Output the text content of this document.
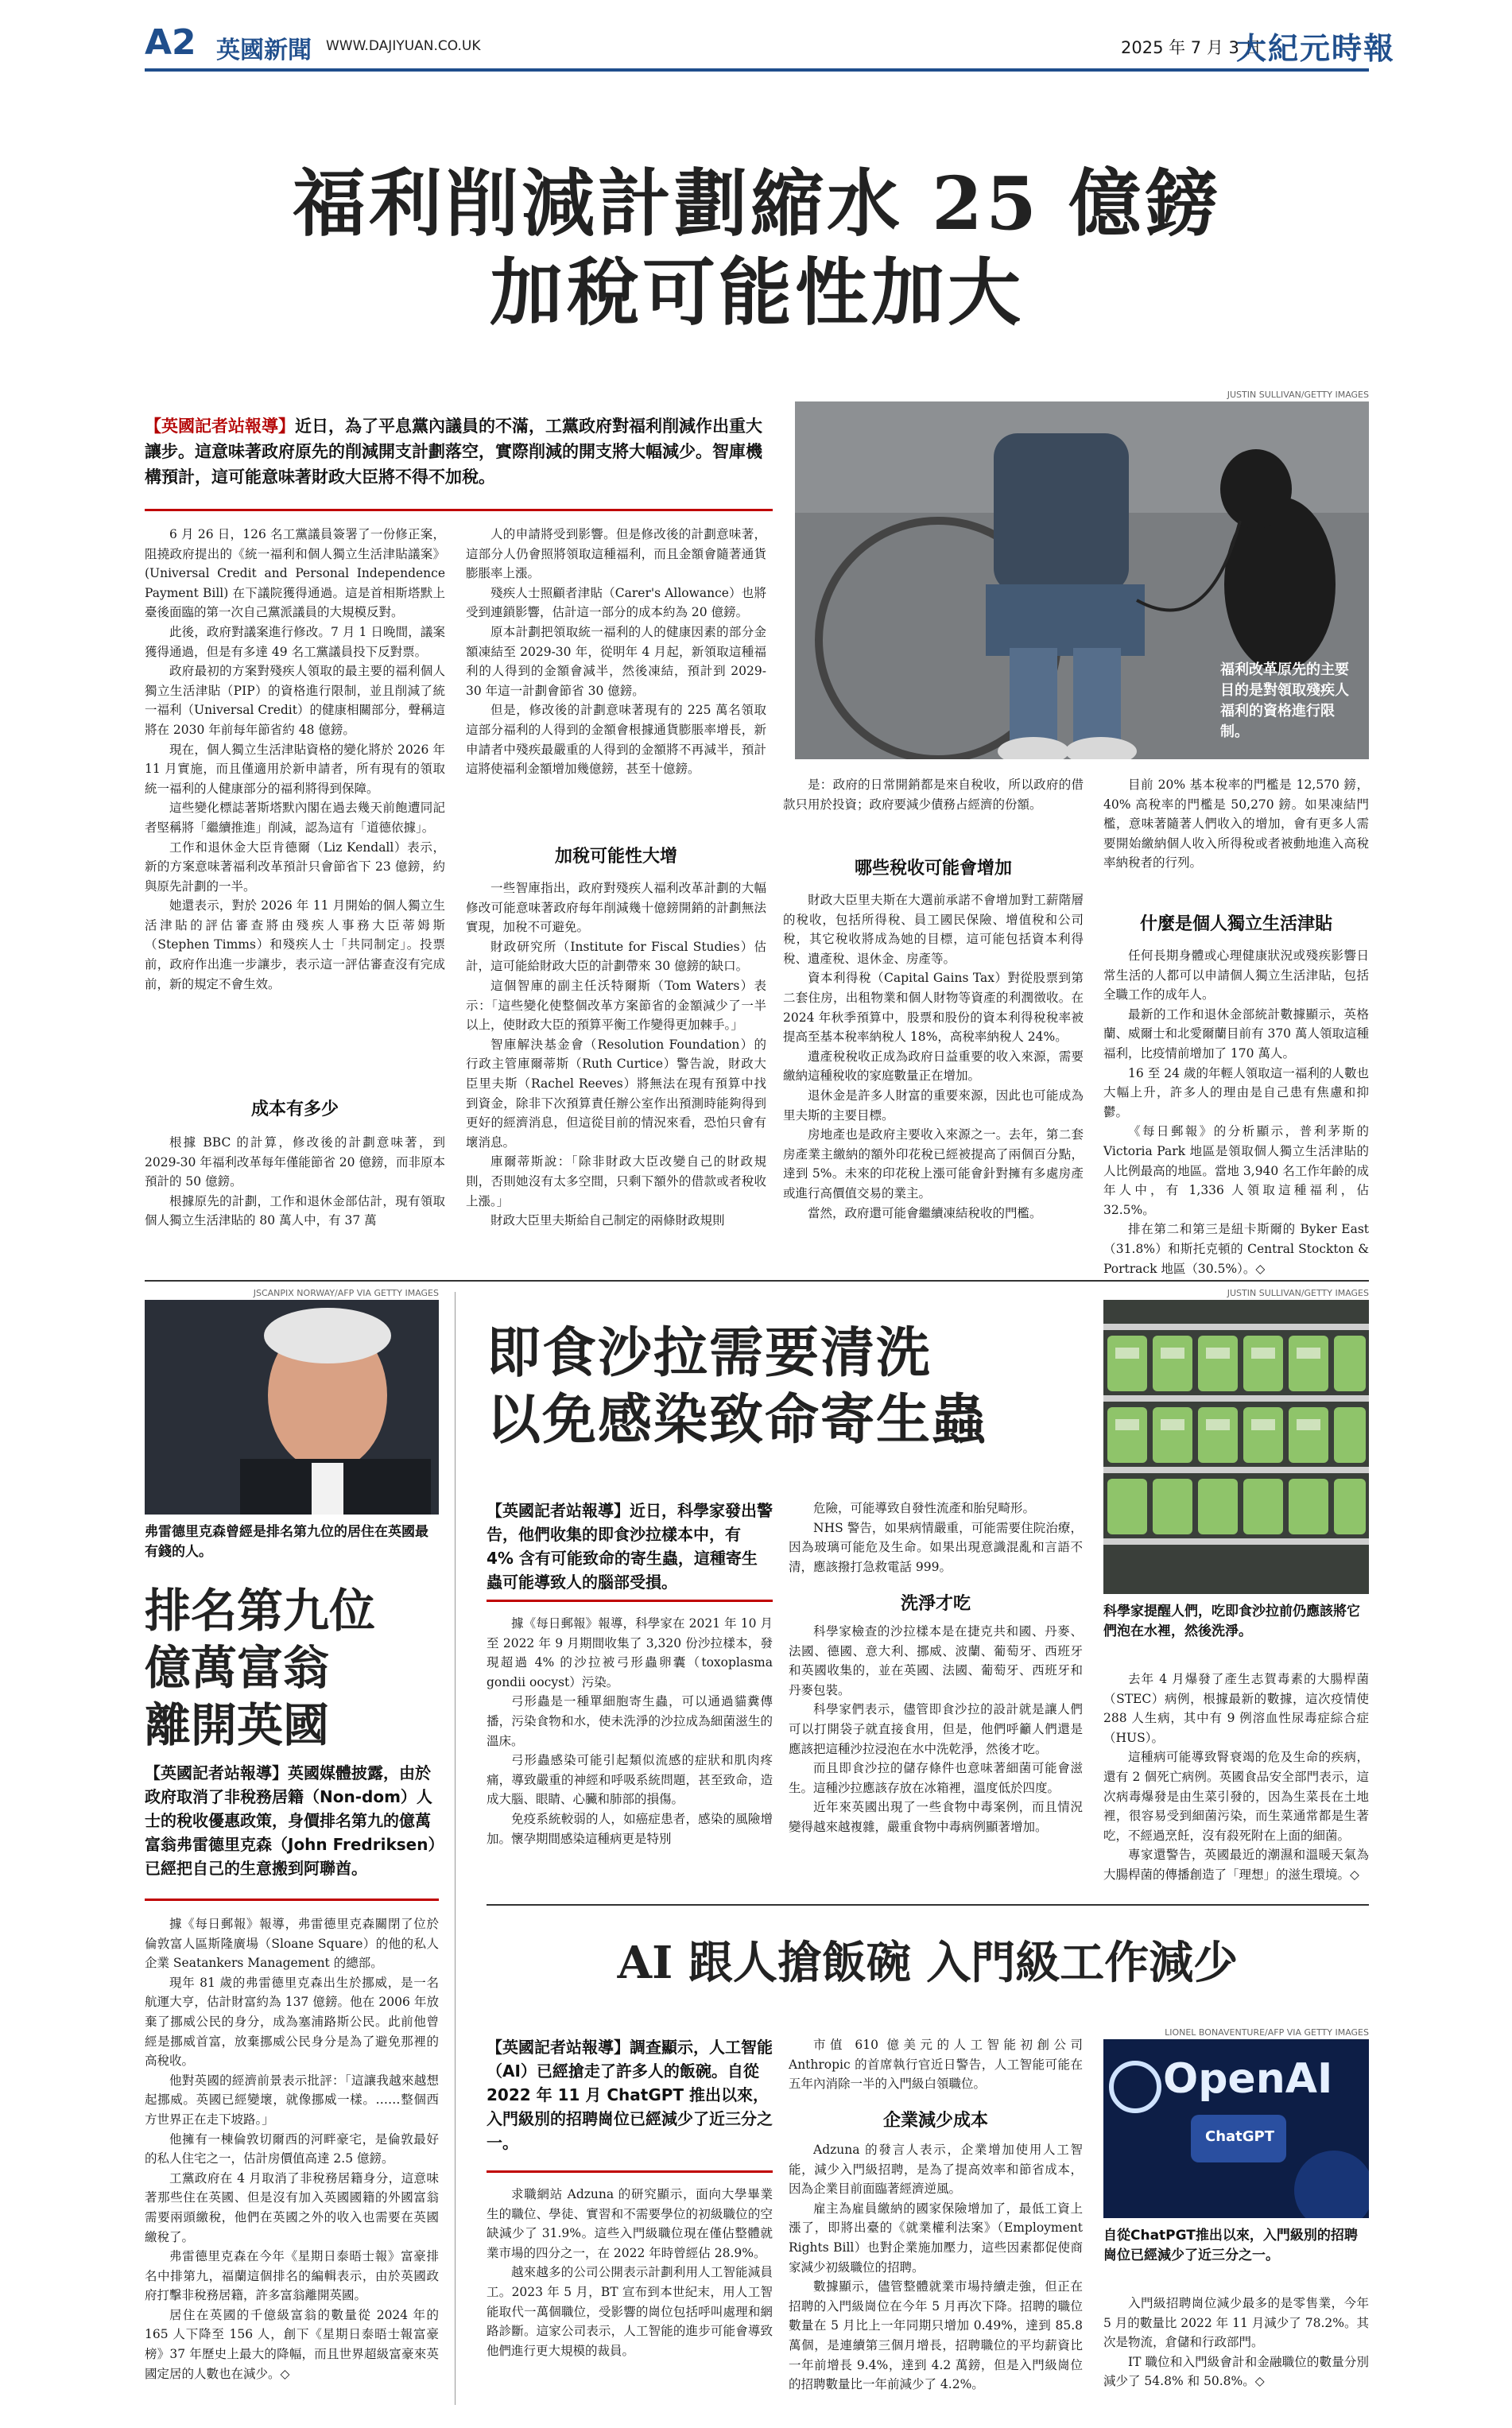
A2 英國新聞 WWW.DAJIYUAN.CO.UK	2025 年 7 月 3 日
大紀元時報
福利削減計劃縮水 25 億鎊
加稅可能性加大
JUSTIN SULLIVAN/GETTY IMAGES
【英國記者站報導】近日，為了平息黨內議員的不滿，工黨政府對福利削減作出重大讓步。這意味著政府原先的削減開支計劃落空，實際削減的開支將大幅減少。智庫機構預計，這可能意味著財政大臣將不得不加稅。
福利改革原先的主要目的是對領取殘疾人福利的資格進行限制。

6 月 26 日，126 名工黨議員簽署了一份修正案，阻撓政府提出的《統一福利和個人獨立生活津貼議案》(Universal Credit and Personal Independence Payment Bill) 在下議院獲得通過。這是首相斯塔默上臺後面臨的第一次自己黨派議員的大規模反對。

此後，政府對議案進行修改。7 月 1 日晚間，議案獲得通過，但是有多達 49 名工黨議員投下反對票。

政府最初的方案對殘疾人領取的最主要的福利個人獨立生活津貼（PIP）的資格進行限制，並且削減了統一福利（Universal Credit）的健康相關部分，聲稱這將在 2030 年前每年節省約 48 億鎊。

現在，個人獨立生活津貼資格的變化將於 2026 年 11 月實施，而且僅適用於新申請者，所有現有的領取統一福利的人健康部分的福利將得到保障。

這些變化標誌著斯塔默內閣在過去幾天前飽遭同記者堅稱將「繼續推進」削減，認為這有「道德依據」。

工作和退休金大臣肯德爾（Liz Kendall）表示，新的方案意味著福利改革預計只會節省下 23 億鎊，約與原先計劃的一半。

她還表示，對於 2026 年 11 月開始的個人獨立生活津貼的評估審查將由殘疾人事務大臣蒂姆斯（Stephen Timms）和殘疾人士「共同制定」。投票前，政府作出進一步讓步，表示這一評估審查沒有完成前，新的規定不會生效。

成本有多少

根據 BBC 的計算，修改後的計劃意味著，到 2029-30 年福利改革每年僅能節省 20 億鎊，而非原本預計的 50 億鎊。

根據原先的計劃，工作和退休金部估計，現有領取個人獨立生活津貼的 80 萬人中，有 37 萬

人的申請將受到影響。但是修改後的計劃意味著，這部分人仍會照將領取這種福利，而且金額會隨著通貨膨脹率上漲。

殘疾人士照顧者津貼（Carer's Allowance）也將受到連鎖影響，估計這一部分的成本約為 20 億鎊。

原本計劃把領取統一福利的人的健康因素的部分金額凍結至 2029-30 年，從明年 4 月起，新領取這種福利的人得到的金額會減半，然後凍結，預計到 2029-30 年這一計劃會節省 30 億鎊。

但是，修改後的計劃意味著現有的 225 萬名領取這部分福利的人得到的金額會根據通貨膨脹率增長，新申請者中殘疾最嚴重的人得到的金額將不再減半，預計這將使福利金額增加幾億鎊，甚至十億鎊。

加稅可能性大增

一些智庫指出，政府對殘疾人福利改革計劃的大幅修改可能意味著政府每年削減幾十億鎊開銷的計劃無法實現，加稅不可避免。

財政研究所（Institute for Fiscal Studies）估計，這可能給財政大臣的計劃帶來 30 億鎊的缺口。

這個智庫的副主任沃特爾斯（Tom Waters）表示：「這些變化使整個改革方案節省的金額減少了一半以上，使財政大臣的預算平衡工作變得更加棘手。」

智庫解決基金會（Resolution Foundation）的行政主管庫爾蒂斯（Ruth Curtice）警告說，財政大臣里夫斯（Rachel Reeves）將無法在現有預算中找到資金，除非下次預算責任辦公室作出預測時能夠得到更好的經濟消息，但這從目前的情況來看，恐怕只會有壞消息。

庫爾蒂斯說：「除非財政大臣改變自己的財政規則，否則她沒有太多空間，只剩下額外的借款或者稅收上漲。」

財政大臣里夫斯給自己制定的兩條財政規則

是：政府的日常開銷都是來自稅收，所以政府的借款只用於投資；政府要減少債務占經濟的份額。

哪些稅收可能會增加

財政大臣里夫斯在大選前承諾不會增加對工薪階層的稅收，包括所得稅、員工國民保險、增值稅和公司稅，其它稅收將成為她的目標，這可能包括資本利得稅、遺產稅、退休金、房產等。

資本利得稅（Capital Gains Tax）對從股票到第二套住房，出租物業和個人財物等資產的利潤徵收。在 2024 年秋季預算中，股票和股份的資本利得稅稅率被提高至基本稅率納稅人 18%，高稅率納稅人 24%。

遺產稅稅收正成為政府日益重要的收入來源，需要繳納這種稅收的家庭數量正在增加。

退休金是許多人財富的重要來源，因此也可能成為里夫斯的主要目標。

房地產也是政府主要收入來源之一。去年，第二套房產業主繳納的額外印花稅已經被提高了兩個百分點，達到 5%。未來的印花稅上漲可能會針對擁有多處房產或進行高價值交易的業主。

當然，政府還可能會繼續凍結稅收的門檻。

目前 20% 基本稅率的門檻是 12,570 鎊，40% 高稅率的門檻是 50,270 鎊。如果凍結門檻，意味著隨著人們收入的增加，會有更多人需要開始繳納個人收入所得稅或者被動地進入高稅率納稅者的行列。

什麼是個人獨立生活津貼

任何長期身體或心理健康狀況或殘疾影響日常生活的人都可以申請個人獨立生活津貼，包括全職工作的成年人。

最新的工作和退休金部統計數據顯示，英格蘭、威爾士和北愛爾蘭目前有 370 萬人領取這種福利，比疫情前增加了 170 萬人。

16 至 24 歲的年輕人領取這一福利的人數也大幅上升，許多人的理由是自己患有焦慮和抑鬱。

《每日郵報》的分析顯示，普利茅斯的 Victoria Park 地區是領取個人獨立生活津貼的人比例最高的地區。當地 3,940 名工作年齡的成年人中，有 1,336 人領取這種福利，佔 32.5%。

排在第二和第三是紐卡斯爾的 Byker East（31.8%）和斯托克頓的 Central Stockton & Portrack 地區（30.5%）。◇

JSCANPIX NORWAY/AFP VIA GETTY IMAGES
弗雷德里克森曾經是排名第九位的居住在英國最有錢的人。
排名第九位
億萬富翁
離開英國
【英國記者站報導】英國媒體披露，由於政府取消了非稅務居籍（Non-dom）人士的稅收優惠政策，身價排名第九的億萬富翁弗雷德里克森（John Fredriksen）已經把自己的生意搬到阿聯酋。

據《每日郵報》報導，弗雷德里克森關閉了位於倫敦富人區斯隆廣場（Sloane Square）的他的私人企業 Seatankers Management 的總部。

現年 81 歲的弗雷德里克森出生於挪威，是一名航運大亨，估計財富約為 137 億鎊。他在 2006 年放棄了挪威公民的身分，成為塞浦路斯公民。此前他曾經是挪威首富，放棄挪威公民身分是為了避免那裡的高稅收。

他對英國的經濟前景表示批評：「這讓我越來越想起挪威。英國已經變壞，就像挪威一樣。……整個西方世界正在走下坡路。」

他擁有一棟倫敦切爾西的河畔豪宅，是倫敦最好的私人住宅之一，估計房價值高達 2.5 億鎊。

工黨政府在 4 月取消了非稅務居籍身分，這意味著那些住在英國、但是沒有加入英國國籍的外國富翁需要兩頭繳稅，他們在英國之外的收入也需要在英國繳稅了。

弗雷德里克森在今年《星期日泰晤士報》富豪排名中排第九，福蘭這個排名的編輯表示，由於英國政府打擊非稅務居籍，許多富翁離開英國。

居住在英國的千億級富翁的數量從 2024 年的 165 人下降至 156 人，創下《星期日泰晤士報富豪榜》37 年歷史上最大的降幅，而且世界超級富豪來英國定居的人數也在減少。◇

即食沙拉需要清洗
以免感染致命寄生蟲
JUSTIN SULLIVAN/GETTY IMAGES
科學家提醒人們，吃即食沙拉前仍應該將它們泡在水裡，然後洗淨。
【英國記者站報導】近日，科學家發出警告，他們收集的即食沙拉樣本中，有 4% 含有可能致命的寄生蟲，這種寄生蟲可能導致人的腦部受損。

據《每日郵報》報導，科學家在 2021 年 10 月至 2022 年 9 月期間收集了 3,320 份沙拉樣本，發現超過 4% 的沙拉被弓形蟲卵囊（toxoplasma gondii oocyst）污染。

弓形蟲是一種單細胞寄生蟲，可以通過貓糞傳播，污染食物和水，使未洗淨的沙拉成為細菌滋生的溫床。

弓形蟲感染可能引起類似流感的症狀和肌肉疼痛，導致嚴重的神經和呼吸系統問題，甚至致命，造成大腦、眼睛、心臟和肺部的損傷。

免疫系統較弱的人，如癌症患者，感染的風險增加。懷孕期間感染這種病更是特別

危險，可能導致自發性流產和胎兒畸形。

NHS 警告，如果病情嚴重，可能需要住院治療，因為玻璃可能危及生命。如果出現意識混亂和言語不清，應該撥打急救電話 999。

洗淨才吃

科學家檢查的沙拉樣本是在捷克共和國、丹麥、法國、德國、意大利、挪威、波蘭、葡萄牙、西班牙和英國收集的，並在英國、法國、葡萄牙、西班牙和丹麥包裝。

科學家們表示，儘管即食沙拉的設計就是讓人們可以打開袋子就直接食用，但是，他們呼籲人們還是應該把這種沙拉浸泡在水中洗乾淨，然後才吃。

而且即食沙拉的儲存條件也意味著細菌可能會滋生。這種沙拉應該存放在冰箱裡，溫度低於四度。

近年來英國出現了一些食物中毒案例，而且情況變得越來越複雜，嚴重食物中毒病例顯著增加。

去年 4 月爆發了產生志賀毒素的大腸桿菌（STEC）病例，根據最新的數據，這次疫情使 288 人生病，其中有 9 例溶血性尿毒症綜合症（HUS）。

這種病可能導致腎衰竭的危及生命的疾病，還有 2 個死亡病例。英國食品安全部門表示，這次病毒爆發是由生菜引發的，因為生菜長在土地裡，很容易受到細菌污染，而生菜通常都是生著吃，不經過烹飪，沒有殺死附在上面的細菌。

專家還警告，英國最近的潮濕和溫暖天氣為大腸桿菌的傳播創造了「理想」的滋生環境。◇

AI 跟人搶飯碗 入門級工作減少
LIONEL BONAVENTURE/AFP VIA GETTY IMAGES
OpenAI
ChatGPT
自從ChatPGT推出以來，入門級別的招聘崗位已經減少了近三分之一。
【英國記者站報導】調查顯示，人工智能（AI）已經搶走了許多人的飯碗。自從 2022 年 11 月 ChatGPT 推出以來，入門級別的招聘崗位已經減少了近三分之一。

求職網站 Adzuna 的研究顯示，面向大學畢業生的職位、學徒、實習和不需要學位的初級職位的空缺減少了 31.9%。這些入門級職位現在僅佔整體就業市場的四分之一，在 2022 年時曾經佔 28.9%。

越來越多的公司公開表示計劃利用人工智能減員工。2023 年 5 月，BT 宣布到本世紀末，用人工智能取代一萬個職位，受影響的崗位包括呼叫處理和網路診斷。這家公司表示，人工智能的進步可能會導致他們進行更大規模的裁員。

市值 610 億美元的人工智能初創公司 Anthropic 的首席執行官近日警告，人工智能可能在五年內消除一半的入門級白領職位。

企業減少成本

Adzuna 的發言人表示，企業增加使用人工智能，減少入門級招聘，是為了提高效率和節省成本，因為企業目前面臨著經濟逆風。

雇主為雇員繳納的國家保險增加了，最低工資上漲了，即將出臺的《就業權利法案》（Employment Rights Bill）也對企業施加壓力，這些因素都促使商家減少初級職位的招聘。

數據顯示，儘管整體就業市場持續走強，但正在招聘的入門級崗位在今年 5 月再次下降。招聘的職位數量在 5 月比上一年同期只增加 0.49%，達到 85.8 萬個，是連續第三個月增長，招聘職位的平均薪資比一年前增長 9.4%，達到 4.2 萬鎊，但是入門級崗位的招聘數量比一年前減少了 4.2%。

入門級招聘崗位減少最多的是零售業，今年 5 月的數量比 2022 年 11 月減少了 78.2%。其次是物流，倉儲和行政部門。

IT 職位和入門級會計和金融職位的數量分別減少了 54.8% 和 50.8%。◇
